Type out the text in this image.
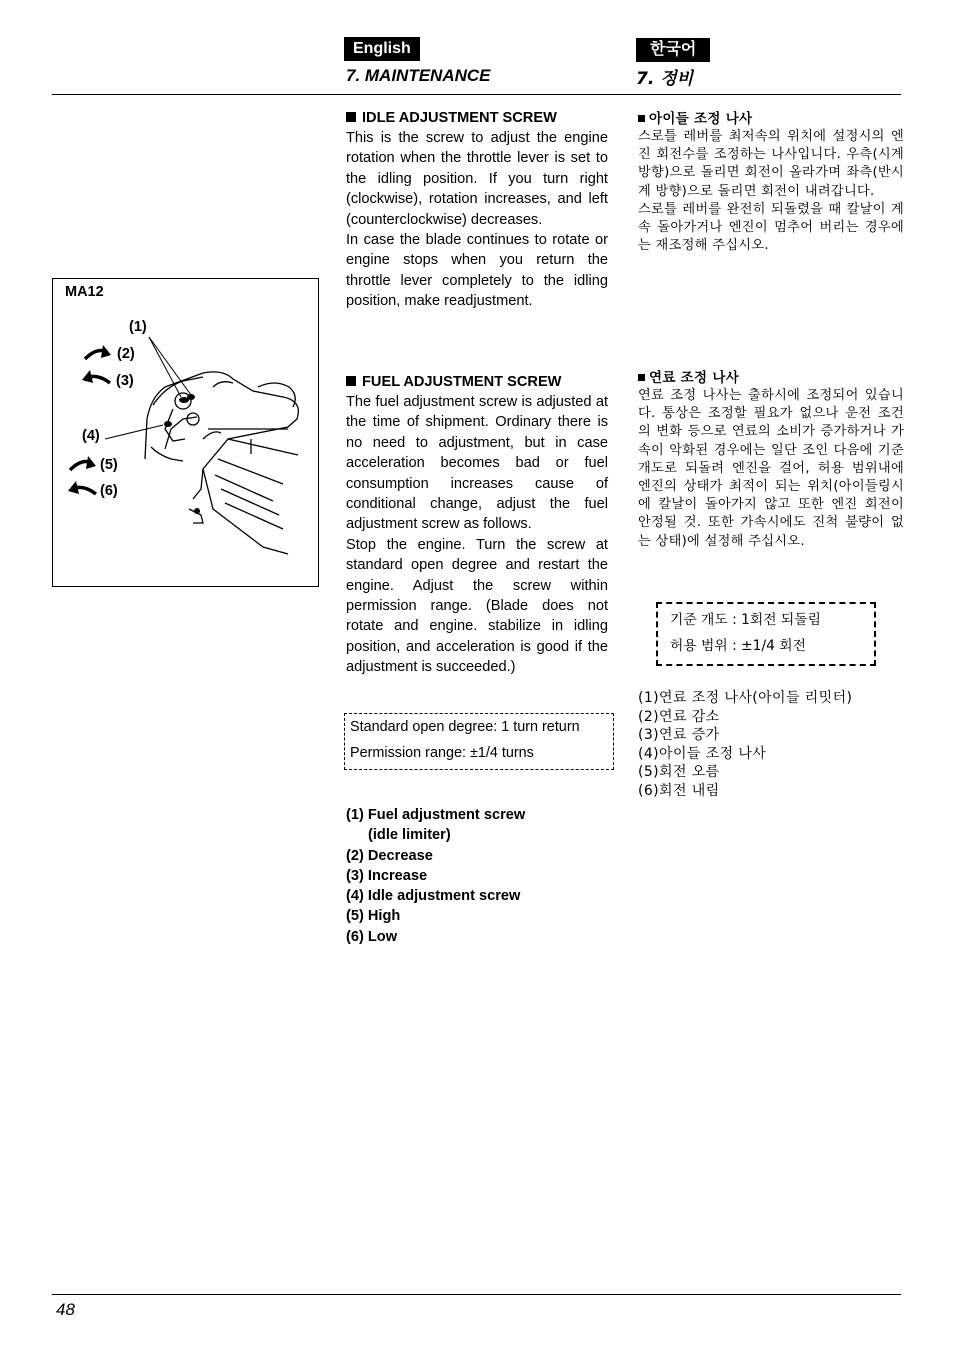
English	한국어
7. MAINTENANCE	7. 정비
MA12
(1)
(2)
(3)
(4)
(5)
(6)
IDLE ADJUSTMENT SCREW

This is the screw to adjust the engine rotation when the throttle lever is set to the idling position. If you turn right (clockwise), rotation increases, and left (counterclockwise) decreases.

In case the blade continues to rotate or engine stops when you return the throttle lever completely to the idling position, make readjustment.

FUEL ADJUSTMENT SCREW

The fuel adjustment screw is adjusted at the time of shipment. Ordinary there is no need to adjustment, but in case acceleration becomes bad or fuel consumption increases cause of conditional change, adjust the fuel adjustment screw as follows.

Stop the engine. Turn the screw at standard open degree and restart the engine. Adjust the screw within permission range. (Blade does not rotate and engine. stabilize in idling position, and acceleration is good if the adjustment is succeeded.)

Standard open degree: 1 turn return
Permission range: ±1/4 turns
(1) Fuel adjustment screw
(idle limiter)
(2) Decrease
(3) Increase
(4) Idle adjustment screw
(5) High
(6) Low
아이들 조정 나사

스로틀 레버를 최저속의 위치에 설정시의 엔진 회전수를 조정하는 나사입니다. 우측(시계 방향)으로 돌리면 회전이 올라가며 좌측(반시계 방향)으로 돌리면 회전이 내려갑니다.

스로틀 레버를 완전히 되돌렸을 때 칼날이 계속 돌아가거나 엔진이 멈추어 버리는 경우에는 재조정해 주십시오.

연료 조정 나사

연료 조정 나사는 출하시에 조정되어 있습니다. 통상은 조정할 필요가 없으나 운전 조건의 변화 등으로 연료의 소비가 증가하거나 가속이 악화된 경우에는 일단 조인 다음에 기준 개도로 되돌려 엔진을 걸어, 허용 범위내에 엔진의 상태가 최적이 되는 위치(아이들링시에 칼날이 돌아가지 않고 또한 엔진 회전이 안정될 것. 또한 가속시에도 진척 불량이 없는 상태)에 설정해 주십시오.

기준 개도 : 1회전 되돌림
허용 범위 : ±1/4 회전
(1)연료 조정 나사(아이들 리밋터)
(2)연료 감소
(3)연료 증가
(4)아이들 조정 나사
(5)회전 오름
(6)회전 내림
48
